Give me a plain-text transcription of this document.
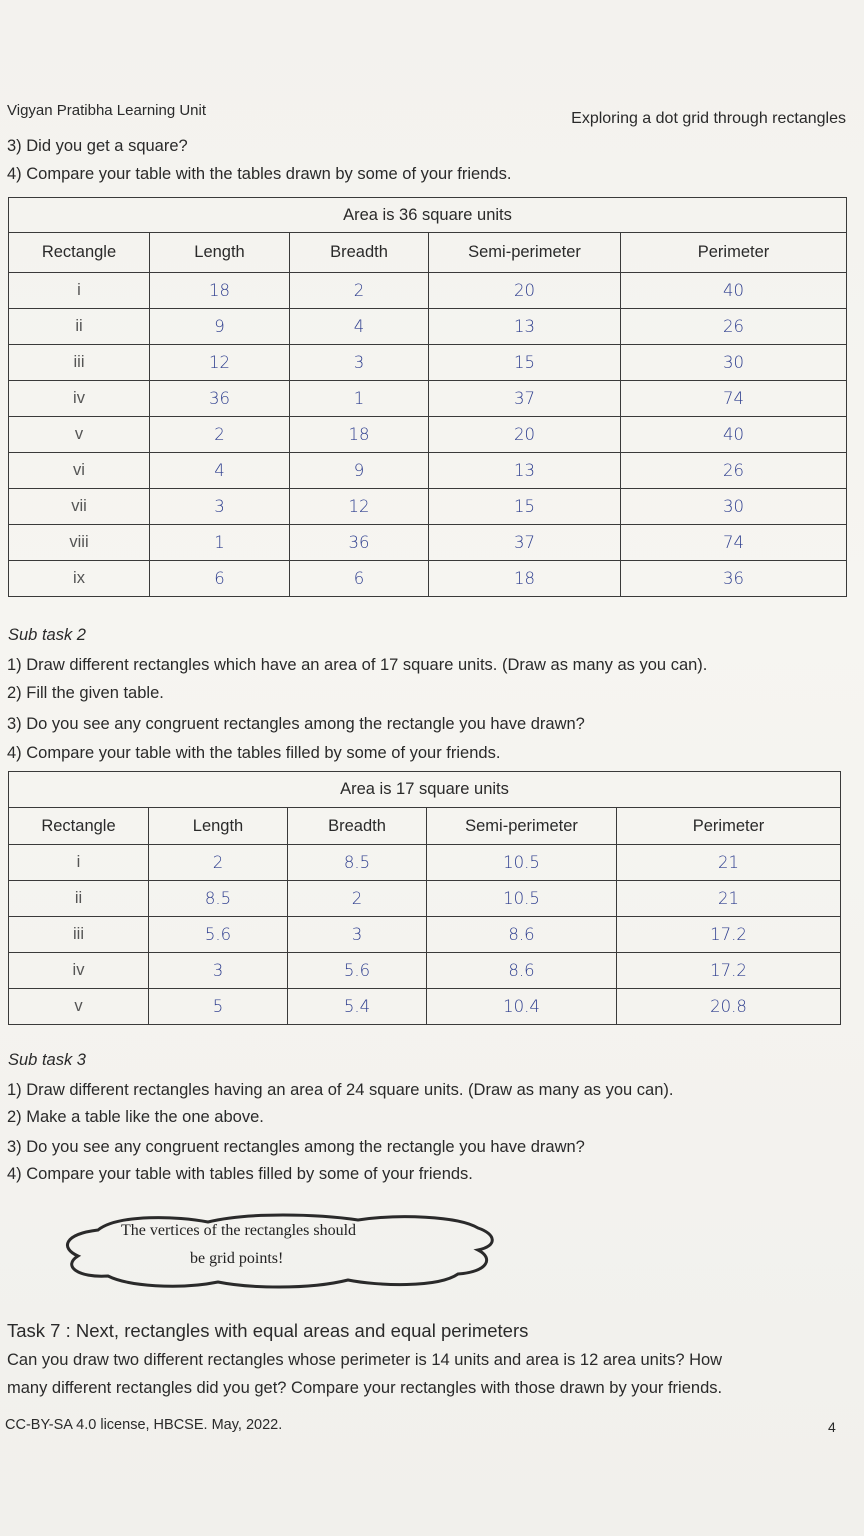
Vigyan Pratibha Learning Unit	Exploring a dot grid through rectangles
3) Did you get a square?
4) Compare your table with the tables drawn by some of your friends.
Area is 36 square units				
Rectangle	Length	Breadth	Semi-perimeter	Perimeter
i	18	2	20	40
ii	9	4	13	26
iii	12	3	15	30
iv	36	1	37	74
v	2	18	20	40
vi	4	9	13	26
vii	3	12	15	30
viii	1	36	37	74
ix	6	6	18	36
Sub task 2
1) Draw different rectangles which have an area of 17 square units. (Draw as many as you can).
2) Fill the given table.
3) Do you see any congruent rectangles among the rectangle you have drawn?
4) Compare your table with the tables filled by some of your friends.
Area is 17 square units				
Rectangle	Length	Breadth	Semi-perimeter	Perimeter
i	2	8.5	10.5	21
ii	8.5	2	10.5	21
iii	5.6	3	8.6	17.2
iv	3	5.6	8.6	17.2
v	5	5.4	10.4	20.8
Sub task 3
1) Draw different rectangles having an area of 24 square units. (Draw as many as you can).
2) Make a table like the one above.
3) Do you see any congruent rectangles among the rectangle you have drawn?
4) Compare your table with tables filled by some of your friends.
The vertices of the rectangles should
be grid points!
Task 7 : Next, rectangles with equal areas and equal perimeters
Can you draw two different rectangles whose perimeter is 14 units and area is 12 area units? How
many different rectangles did you get? Compare your rectangles with those drawn by your friends.
CC-BY-SA 4.0 license, HBCSE. May, 2022.	4
